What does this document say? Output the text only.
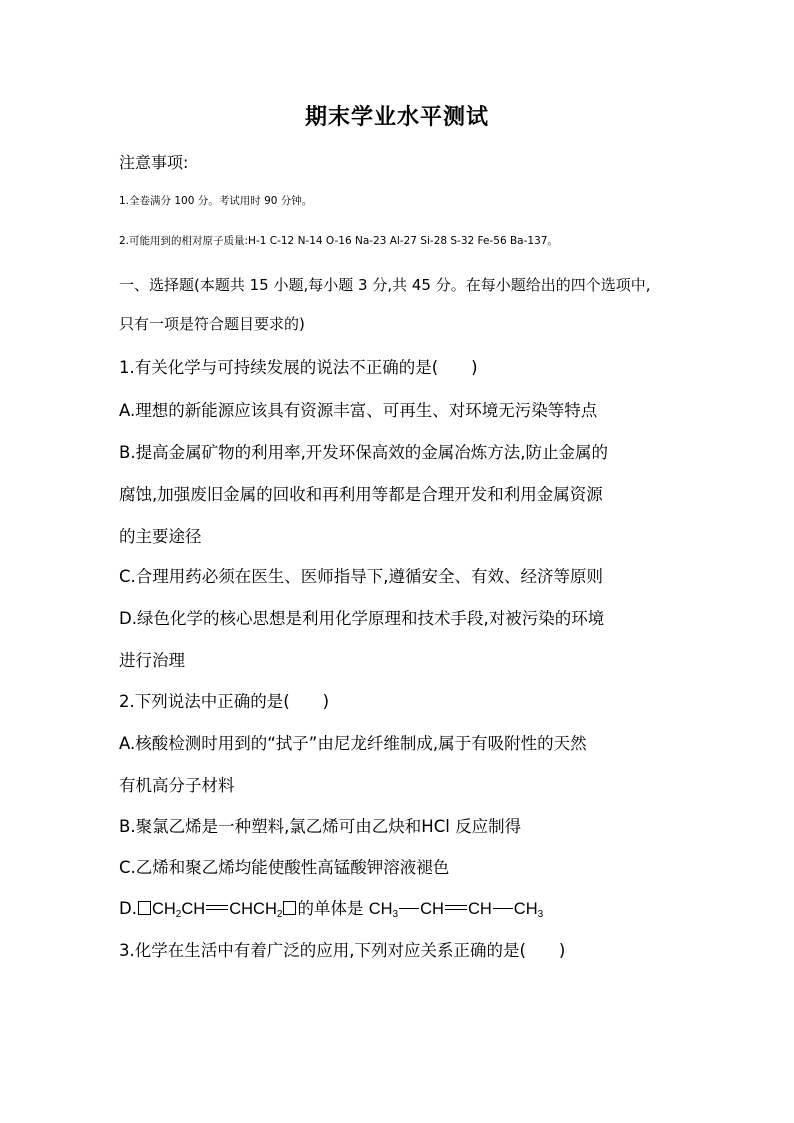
期末学业水平测试
注意事项:
1.全卷满分 100 分。考试用时 90 分钟。
2.可能用到的相对原子质量:H-1 C-12 N-14 O-16 Na-23 Al-27 Si-28 S-32 Fe-56 Ba-137。
一、选择题(本题共 15 小题,每小题 3 分,共 45 分。在每小题给出的四个选项中,
只有一项是符合题目要求的)
1.有关化学与可持续发展的说法不正确的是(　　)
A.理想的新能源应该具有资源丰富、可再生、对环境无污染等特点
B.提高金属矿物的利用率,开发环保高效的金属冶炼方法,防止金属的
腐蚀,加强废旧金属的回收和再利用等都是合理开发和利用金属资源
的主要途径
C.合理用药必须在医生、医师指导下,遵循安全、有效、经济等原则
D.绿色化学的核心思想是利用化学原理和技术手段,对被污染的环境
进行治理
2.下列说法中正确的是(　　)
A.核酸检测时用到的“拭子”由尼龙纤维制成,属于有吸附性的天然
有机高分子材料
B.聚氯乙烯是一种塑料,氯乙烯可由乙炔和HCl 反应制得
C.乙烯和聚乙烯均能使酸性高锰酸钾溶液褪色
D. $CH_2CH$ $CHCH_2$ 的单体是 $CH_3$ CH CH $CH_3$
3.化学在生活中有着广泛的应用,下列对应关系正确的是(　　)
